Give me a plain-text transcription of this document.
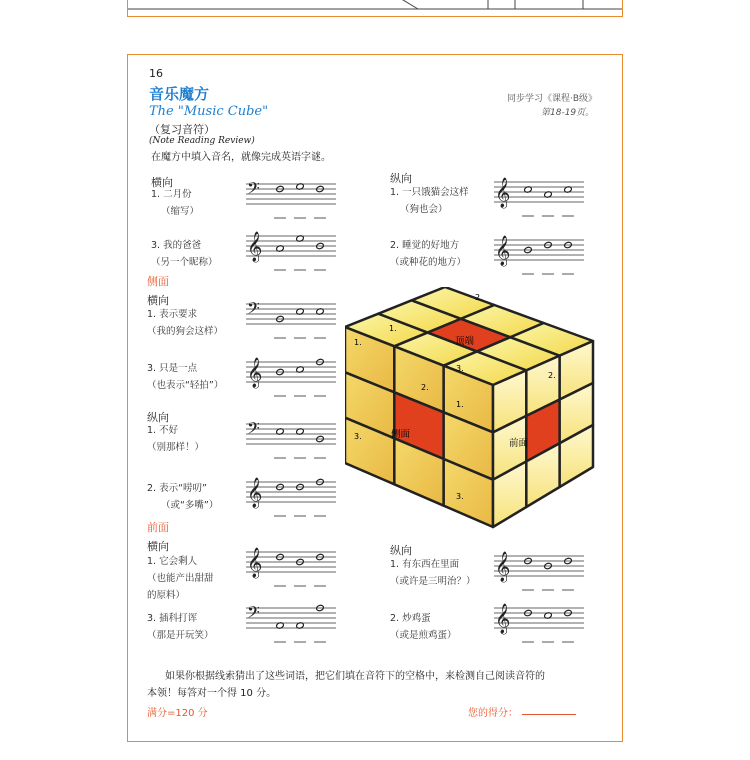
16
音乐魔方
The "Music Cube"
（复习音符）
(Note Reading Review)
在魔方中填入音名，就像完成英语字谜。
同步学习《课程·B级》
第18-19页。
横向
1. 二月份
（缩写）
3. 我的爸爸
（另一个昵称）
纵向
1. 一只饿猫会这样
（狗也会）
2. 睡觉的好地方
（或种花的地方）
侧面
横向
1. 表示要求
（我的狗会这样）
3. 只是一点
（也表示“轻拍”）
纵向
1. 不好
（别那样！）
2. 表示“唠叨”
（或“多嘴”）
前面
横向
1. 它会剩人
（也能产出甜甜
的原料）
3. 插科打诨
（那是开玩笑）
纵向
1. 有东西在里面
（或许是三明治？）
2. 炒鸡蛋
（或是煎鸡蛋）
𝄢
𝄞
𝄞
𝄞
𝄢
𝄞
𝄢
𝄞
𝄞
𝄢
𝄞
𝄞
1.
1.
2.
2.
3.
3.
1.
2.
3.
顶端
侧面
前面
如果你根据线索猜出了这些词语，把它们填在音符下的空格中，来检测自己阅读音符的
本领！每答对一个得 10 分。
满分=120 分	您的得分：
